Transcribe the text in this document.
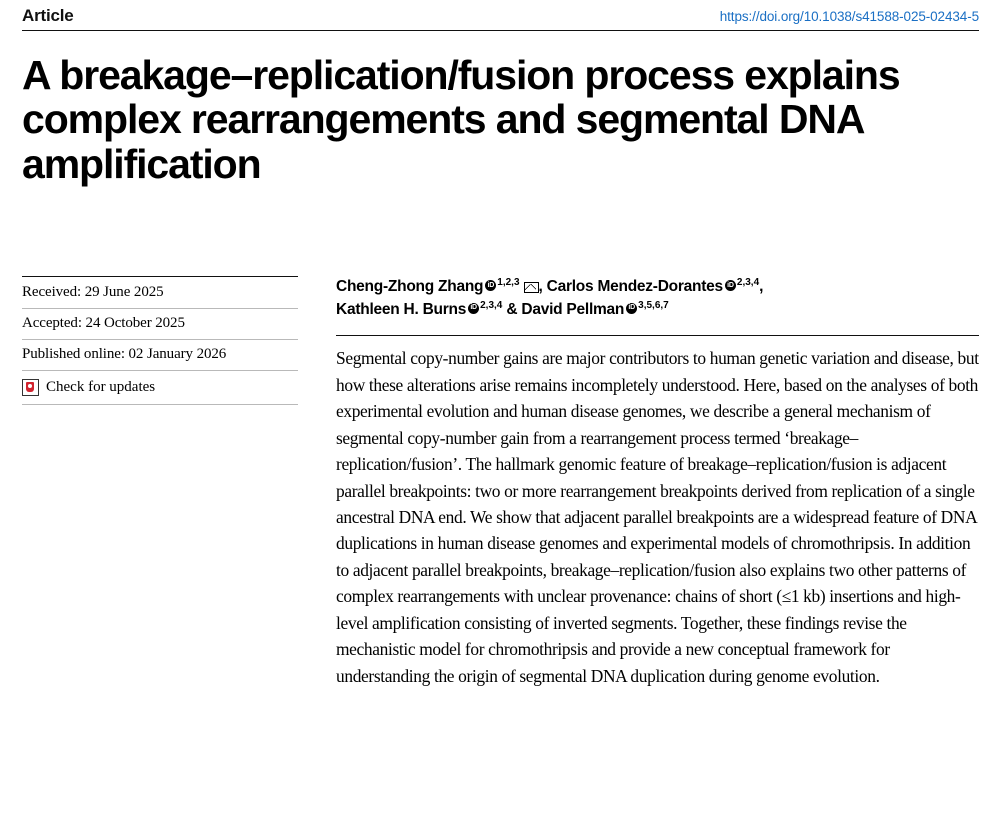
Article	https://doi.org/10.1038/s41588-025-02434-5
A breakage–replication/fusion process explains complex rearrangements and segmental DNA amplification
Received: 29 June 2025
Accepted: 24 October 2025
Published online: 02 January 2026
Check for updates

Cheng-Zhong Zhang iD $^{1,2,3}$ , Carlos Mendez-Dorantes iD $^{2,3,4}$,
Kathleen H. Burns iD $^{2,3,4}$ & David Pellman iD $^{3,5,6,7}$

Segmental copy-number gains are major contributors to human genetic variation and disease, but how these alterations arise remains incompletely understood. Here, based on the analyses of both experimental evolution and human disease genomes, we describe a general mechanism of segmental copy-number gain from a rearrangement process termed ‘breakage–replication/fusion’. The hallmark genomic feature of breakage–replication/fusion is adjacent parallel breakpoints: two or more rearrangement breakpoints derived from replication of a single ancestral DNA end. We show that adjacent parallel breakpoints are a widespread feature of DNA duplications in human disease genomes and experimental models of chromothripsis. In addition to adjacent parallel breakpoints, breakage–replication/fusion also explains two other patterns of complex rearrangements with unclear provenance: chains of short (≤1 kb) insertions and high-level amplification consisting of inverted segments. Together, these findings revise the mechanistic model for chromothripsis and provide a new conceptual framework for understanding the origin of segmental DNA duplication during genome evolution.
